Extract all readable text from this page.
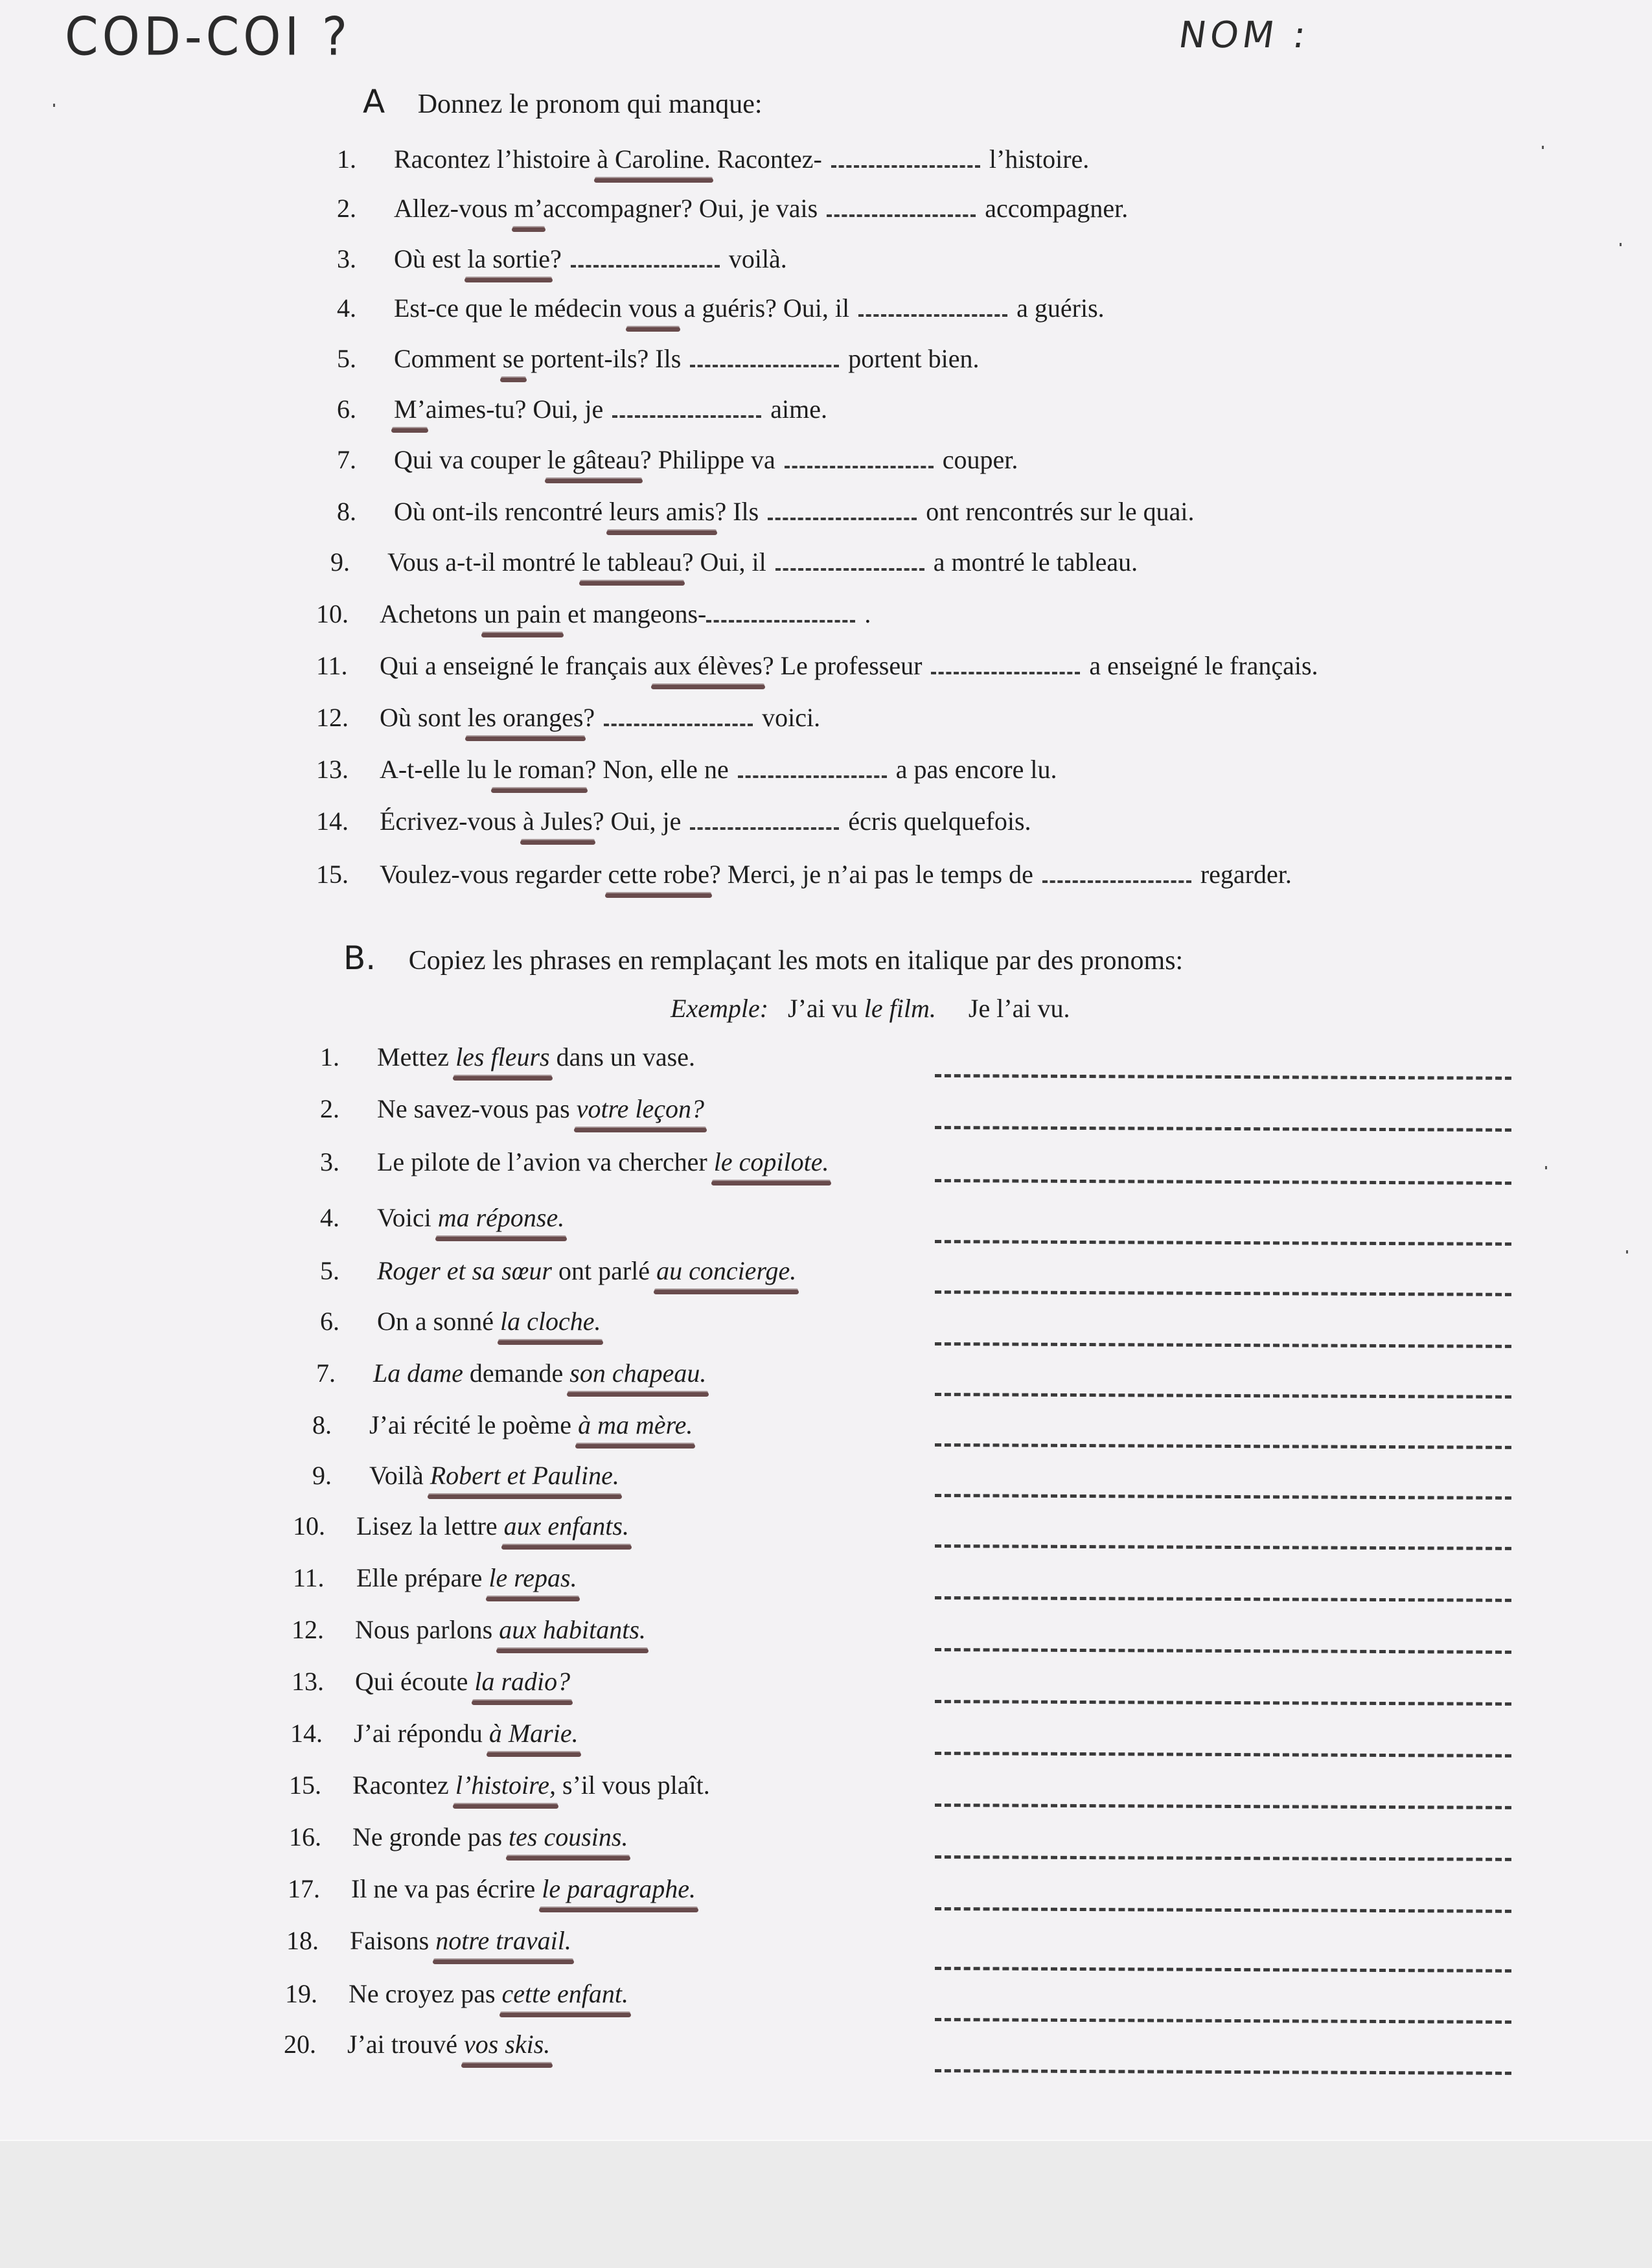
COD-COI ?	NOM :
A Donnez le pronom qui manque:
1. Racontez l’histoire à Caroline. Racontez-	l’histoire.
2. Allez-vous m’accompagner? Oui, je vais	accompagner.
3. Où est la sortie?	voilà.
4. Est-ce que le médecin vous a guéris? Oui, il	a guéris.
5. Comment se portent-ils? Ils	portent bien.
6. M’aimes-tu? Oui, je	aime.
7. Qui va couper le gâteau? Philippe va	couper.
8. Où ont-ils rencontré leurs amis? Ils	ont rencontrés sur le quai.
9. Vous a-t-il montré le tableau? Oui, il	a montré le tableau.
10. Achetons un pain et mangeons-	.
11. Qui a enseigné le français aux élèves? Le professeur	a enseigné le français.
12. Où sont les oranges?	voici.
13. A-t-elle lu le roman? Non, elle ne	a pas encore lu.
14. Écrivez-vous à Jules? Oui, je	écris quelquefois.
15. Voulez-vous regarder cette robe? Merci, je n’ai pas le temps de	regarder.
B. Copiez les phrases en remplaçant les mots en italique par des pronoms:
Exemple: J’ai vu le film. Je l’ai vu.
1. Mettez les fleurs dans un vase.
2. Ne savez-vous pas votre leçon?
3. Le pilote de l’avion va chercher le copilote.
4. Voici ma réponse.
5. Roger et sa sœur ont parlé au concierge.
6. On a sonné la cloche.
7. La dame demande son chapeau.
8. J’ai récité le poème à ma mère.
9. Voilà Robert et Pauline.
10. Lisez la lettre aux enfants.
11. Elle prépare le repas.
12. Nous parlons aux habitants.
13. Qui écoute la radio?
14. J’ai répondu à Marie.
15. Racontez l’histoire, s’il vous plaît.
16. Ne gronde pas tes cousins.
17. Il ne va pas écrire le paragraphe.
18. Faisons notre travail.
19. Ne croyez pas cette enfant.
20. J’ai trouvé vos skis.
